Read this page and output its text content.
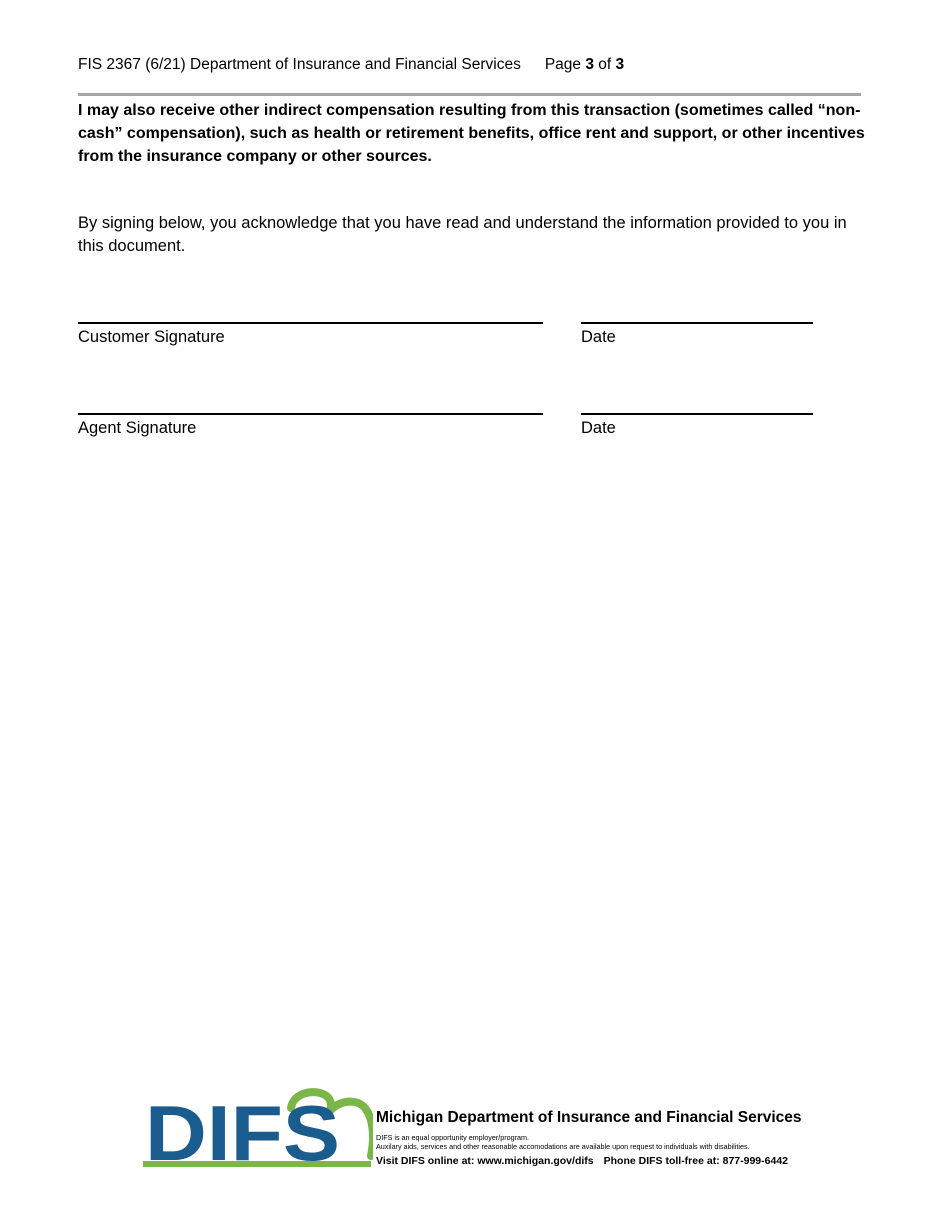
FIS 2367 (6/21) Department of Insurance and Financial Services Page 3 of 3
I may also receive other indirect compensation resulting from this transaction (sometimes called “non-cash” compensation), such as health or retirement benefits, office rent and support, or other incentives from the insurance company or other sources.
By signing below, you acknowledge that you have read and understand the information provided to you in this document.
Customer Signature	Date
Agent Signature	Date
DIFS Michigan Department of Insurance and Financial Services
DIFS is an equal opportunity employer/program.
Auxilary aids, services and other reasonable accomodations are available upon request to individuals with disabilities.
Visit DIFS online at: www.michigan.gov/difs Phone DIFS toll-free at: 877-999-6442
